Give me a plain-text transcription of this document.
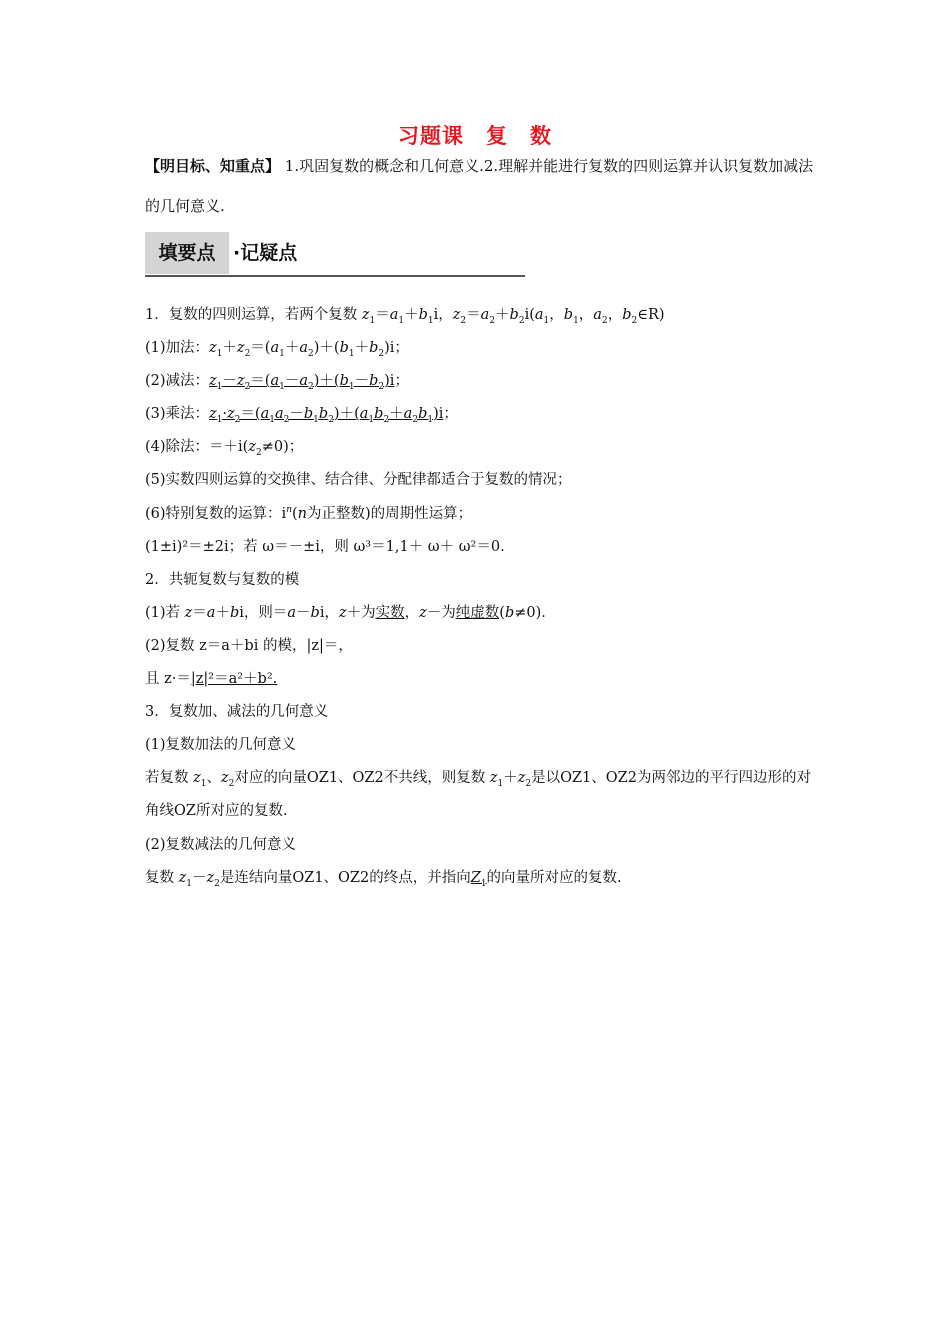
习题课　复　数
【明目标、知重点】 1.巩固复数的概念和几何意义.2.理解并能进行复数的四则运算并认识复数加减法的几何意义.
填要点 ·记疑点
1．复数的四则运算，若两个复数 $z_1=a_1+b_1i$，$z_2=a_2+b_2i(a_1$，$b_1$，$a_2$，$b_2\in R$)
(1)加法：$z_1+z_2=(a_1+a_2)+(b_1+b_2)i$；
(2)减法：$z_1-z_2=(a_1-a_2)+(b_1-b_2)i$；
(3)乘法：$z_1\cdot z_2=(a_1a_2-b_1b_2)+(a_1b_2+a_2b_1)i$；
(4)除法：$=+i(z_2\ne 0)$；
(5)实数四则运算的交换律、结合律、分配律都适合于复数的情况；
(6)特别复数的运算：$i^n(n$为正整数)的周期性运算；
(1±i)²＝±2i；若 ω＝－±i，则 ω³＝1,1＋ ω＋ ω²＝0.
2．共轭复数与复数的模
(1)若 z＝a＋bi，则＝a－bi，z＋为实数，z－为纯虚数(b≠0)．
(2)复数 z＝a＋bi 的模，|z|＝，
且 z·＝|z|²＝a²＋b².
3．复数加、减法的几何意义
(1)复数加法的几何意义
若复数 $z_1$、$z_2$对应的向量OZ1、OZ2不共线，则复数 $z_1+z_2$是以OZ1、OZ2为两邻边的平行四边形的对角线OZ所对应的复数.
(2)复数减法的几何意义
复数 $z_1-z_2$是连结向量OZ1、OZ2的终点，并指向$Z_1$的向量所对应的复数.
